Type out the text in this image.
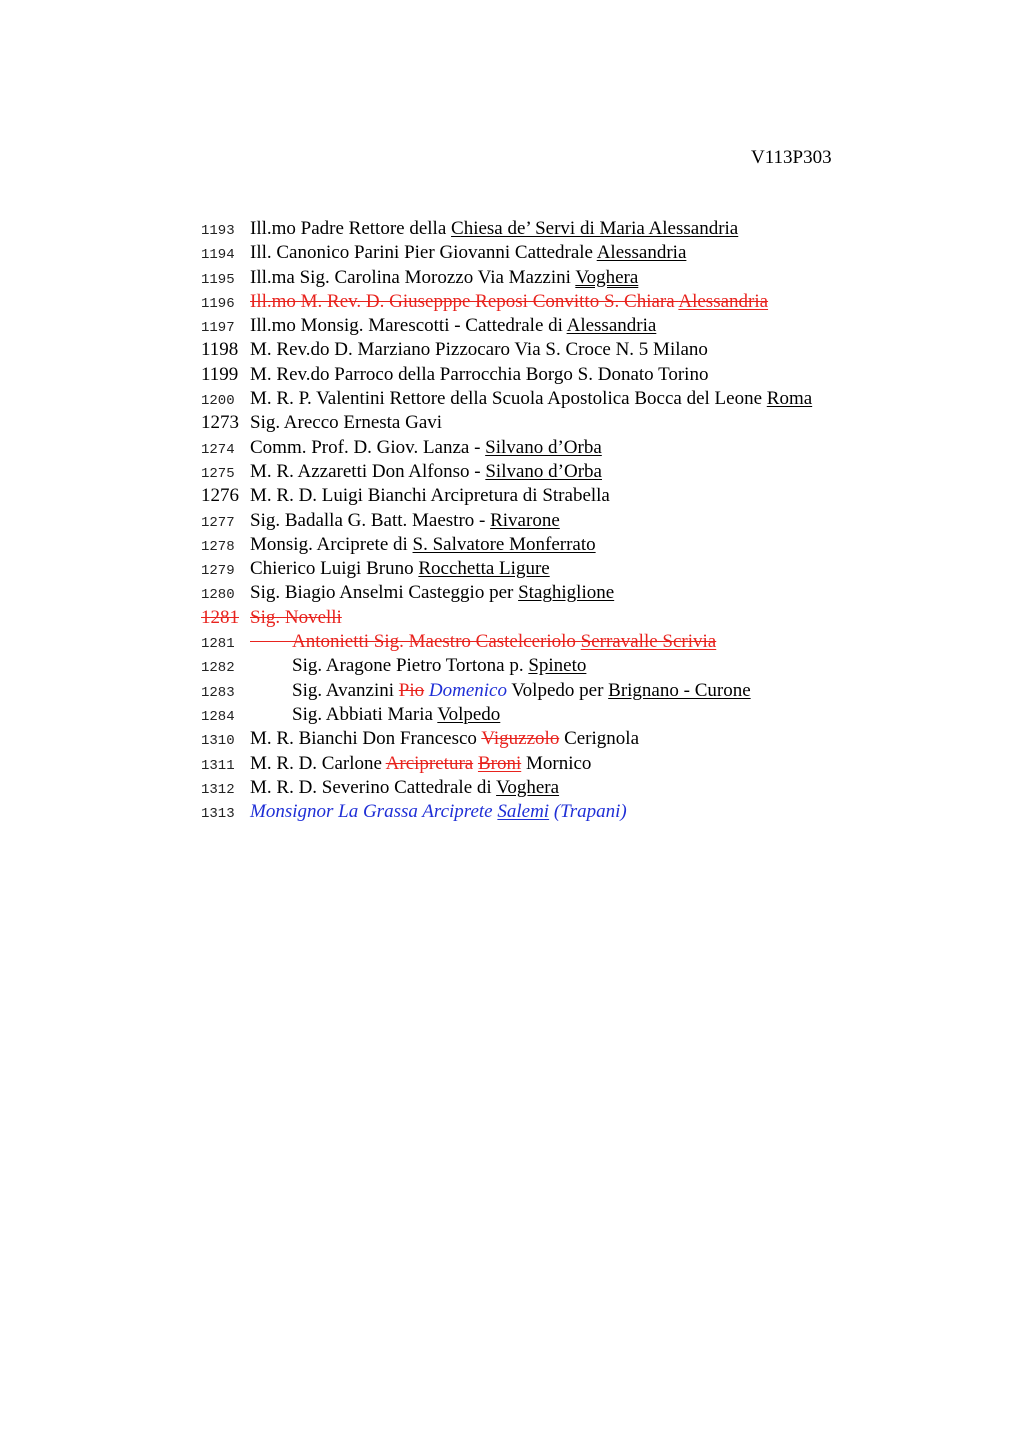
V113P303
1193 Ill.mo Padre Rettore della Chiesa de’ Servi di Maria Alessandria
1194 Ill. Canonico Parini Pier Giovanni Cattedrale Alessandria
1195 Ill.ma Sig. Carolina Morozzo Via Mazzini Voghera
1196 Ill.mo M. Rev. D. Giusepppe Reposi Convitto S. Chiara Alessandria
1197 Ill.mo Monsig. Marescotti - Cattedrale di Alessandria
1198 M. Rev.do D. Marziano Pizzocaro Via S. Croce N. 5 Milano
1199 M. Rev.do Parroco della Parrocchia Borgo S. Donato Torino
1200 M. R. P. Valentini Rettore della Scuola Apostolica Bocca del Leone Roma
1273 Sig. Arecco Ernesta Gavi
1274 Comm. Prof. D. Giov. Lanza - Silvano d’Orba
1275 M. R. Azzaretti Don Alfonso - Silvano d’Orba
1276 M. R. D. Luigi Bianchi Arcipretura di Strabella
1277 Sig. Badalla G. Batt. Maestro - Rivarone
1278 Monsig. Arciprete di S. Salvatore Monferrato
1279 Chierico Luigi Bruno Rocchetta Ligure
1280 Sig. Biagio Anselmi Casteggio per Staghiglione
1281 Sig. Novelli
1281	Antonietti Sig. Maestro Castelceriolo Serravalle Scrivia
1282	Sig. Aragone Pietro Tortona p. Spineto
1283	Sig. Avanzini Pio Domenico Volpedo per Brignano - Curone
1284	Sig. Abbiati Maria Volpedo
1310 M. R. Bianchi Don Francesco Viguzzolo Cerignola
1311 M. R. D. Carlone Arcipretura Broni Mornico
1312 M. R. D. Severino Cattedrale di Voghera
1313 Monsignor La Grassa Arciprete Salemi (Trapani)
